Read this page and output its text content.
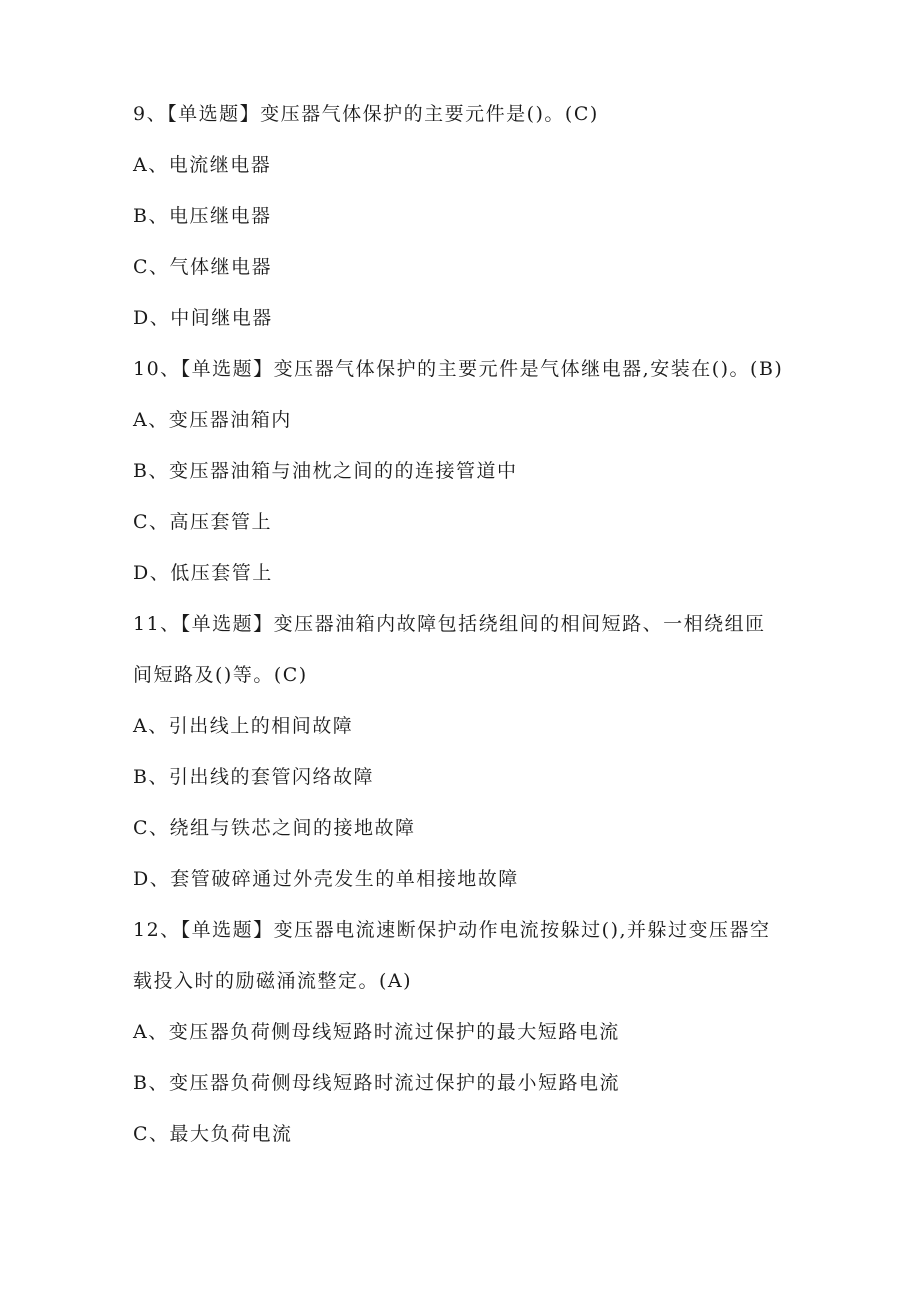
9、【单选题】变压器气体保护的主要元件是()。(C)
A、电流继电器
B、电压继电器
C、气体继电器
D、中间继电器
10、【单选题】变压器气体保护的主要元件是气体继电器,安装在()。(B)
A、变压器油箱内
B、变压器油箱与油枕之间的的连接管道中
C、高压套管上
D、低压套管上
11、【单选题】变压器油箱内故障包括绕组间的相间短路、一相绕组匝
间短路及()等。(C)
A、引出线上的相间故障
B、引出线的套管闪络故障
C、绕组与铁芯之间的接地故障
D、套管破碎通过外壳发生的单相接地故障
12、【单选题】变压器电流速断保护动作电流按躲过(),并躲过变压器空
载投入时的励磁涌流整定。(A)
A、变压器负荷侧母线短路时流过保护的最大短路电流
B、变压器负荷侧母线短路时流过保护的最小短路电流
C、最大负荷电流
